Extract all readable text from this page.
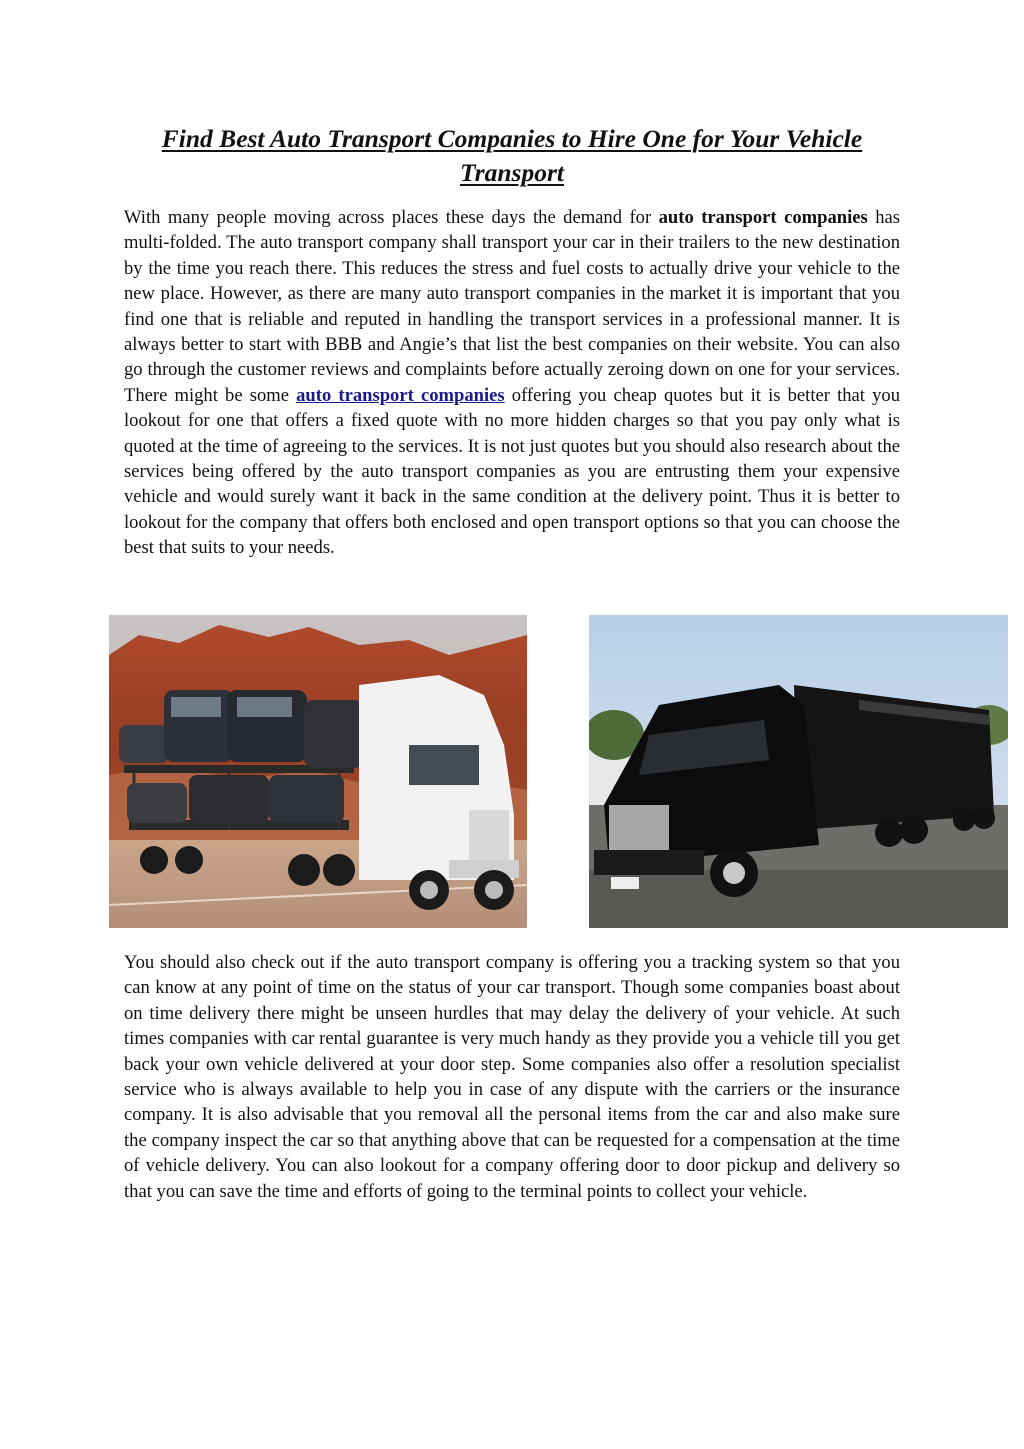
Find Best Auto Transport Companies to Hire One for Your Vehicle Transport

With many people moving across places these days the demand for auto transport companies has multi-folded. The auto transport company shall transport your car in their trailers to the new destination by the time you reach there. This reduces the stress and fuel costs to actually drive your vehicle to the new place. However, as there are many auto transport companies in the market it is important that you find one that is reliable and reputed in handling the transport services in a professional manner. It is always better to start with BBB and Angie’s that list the best companies on their website. You can also go through the customer reviews and complaints before actually zeroing down on one for your services. There might be some auto transport companies offering you cheap quotes but it is better that you lookout for one that offers a fixed quote with no more hidden charges so that you pay only what is quoted at the time of agreeing to the services. It is not just quotes but you should also research about the services being offered by the auto transport companies as you are entrusting them your expensive vehicle and would surely want it back in the same condition at the delivery point. Thus it is better to lookout for the company that offers both enclosed and open transport options so that you can choose the best that suits to your needs.

You should also check out if the auto transport company is offering you a tracking system so that you can know at any point of time on the status of your car transport. Though some companies boast about on time delivery there might be unseen hurdles that may delay the delivery of your vehicle. At such times companies with car rental guarantee is very much handy as they provide you a vehicle till you get back your own vehicle delivered at your door step. Some companies also offer a resolution specialist service who is always available to help you in case of any dispute with the carriers or the insurance company. It is also advisable that you removal all the personal items from the car and also make sure the company inspect the car so that anything above that can be requested for a compensation at the time of vehicle delivery. You can also lookout for a company offering door to door pickup and delivery so that you can save the time and efforts of going to the terminal points to collect your vehicle.
